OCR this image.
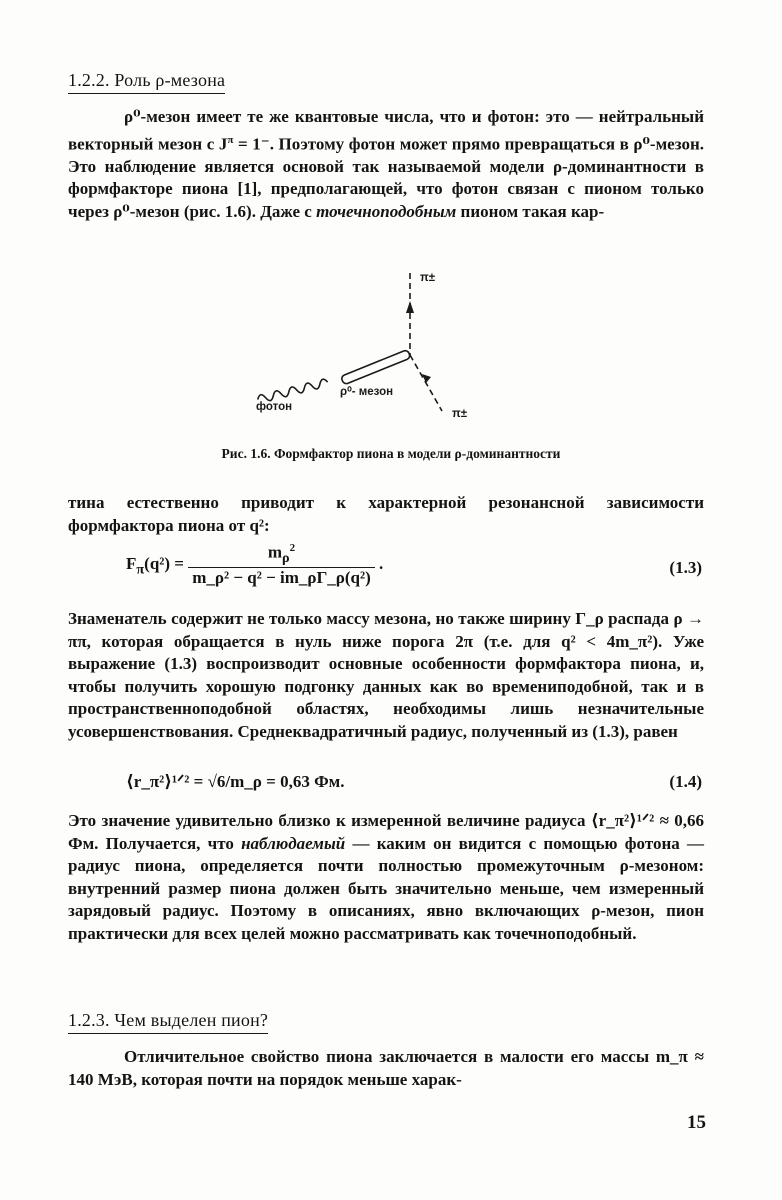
1.2.2. Роль ρ-мезона

ρ⁰-мезон имеет те же квантовые числа, что и фотон: это — нейтральный векторный мезон с $J^\pi = 1^-$. Поэтому фотон может прямо превращаться в ρ⁰-мезон. Это наблюдение является основой так называемой модели ρ-доминантности в формфакторе пиона [1], предполагающей, что фотон связан с пионом только через ρ⁰-мезон (рис. 1.6). Даже с точечноподобным пионом такая кар-

π±
π±
ρ⁰- мезон
фотон
Рис. 1.6. Формфактор пиона в модели ρ-доминантности

тина естественно приводит к характерной резонансной зависимости формфактора пиона от q²:

$F_\pi(q^2) = \frac{m_\rho^2}{\text{m\_ρ² − q² − im\_ρΓ\_ρ(q²)}}$ .	(1.3)

Знаменатель содержит не только массу мезона, но также ширину Γ_ρ распада ρ → ππ, которая обращается в нуль ниже порога 2π (т.е. для q² < 4m_π²). Уже выражение (1.3) воспроизводит основные особенности формфактора пиона, и, чтобы получить хорошую подгонку данных как во времениподобной, так и в пространственноподобной областях, необходимы лишь незначительные усовершенствования. Среднеквадратичный радиус, полученный из (1.3), равен

⟨r_π²⟩¹ᐟ² = √6/m_ρ = 0,63 Фм.	(1.4)

Это значение удивительно близко к измеренной величине радиуса ⟨r_π²⟩¹ᐟ² ≈ 0,66 Фм. Получается, что наблюдаемый — каким он видится с помощью фотона — радиус пиона, определяется почти полностью промежуточным ρ-мезоном: внутренний размер пиона должен быть значительно меньше, чем измеренный зарядовый радиус. Поэтому в описаниях, явно включающих ρ-мезон, пион практически для всех целей можно рассматривать как точечноподобный.

1.2.3. Чем выделен пион?

Отличительное свойство пиона заключается в малости его массы m_π ≈ 140 МэВ, которая почти на порядок меньше харак-

15
